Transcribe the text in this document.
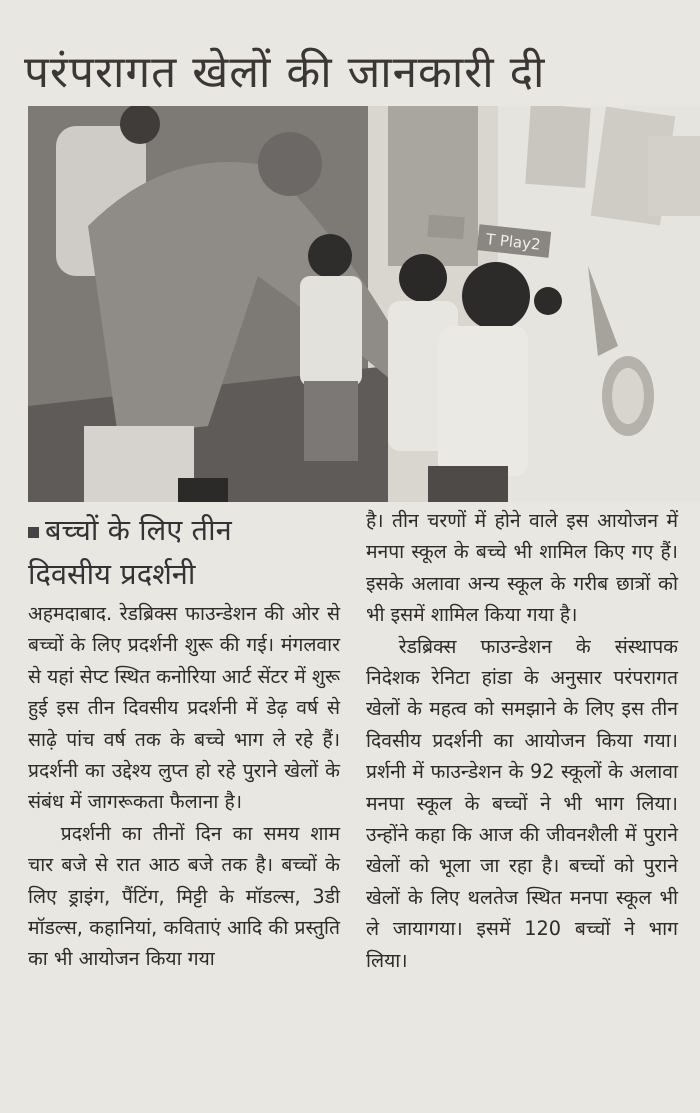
परंपरागत खेलों की जानकारी दी
T Play2
बच्चों के लिए तीन
दिवसीय प्रदर्शनी

अहमदाबाद. रेडब्रिक्स फाउन्डेशन की ओर से बच्चों के लिए प्रदर्शनी शुरू की गई। मंगलवार से यहां सेप्ट स्थित कनोरिया आर्ट सेंटर में शुरू हुई इस तीन दिवसीय प्रदर्शनी में डेढ़ वर्ष से साढ़े पांच वर्ष तक के बच्चे भाग ले रहे हैं। प्रदर्शनी का उद्देश्य लुप्त हो रहे पुराने खेलों के संबंध में जागरूकता फैलाना है।

प्रदर्शनी का तीनों दिन का समय शाम चार बजे से रात आठ बजे तक है। बच्चों के लिए ड्राइंग, पैंटिंग, मिट्टी के मॉडल्स, 3डी मॉडल्स, कहानियां, कविताएं आदि की प्रस्तुति का भी आयोजन किया गया

है। तीन चरणों में होने वाले इस आयोजन में मनपा स्कूल के बच्चे भी शामिल किए गए हैं। इसके अलावा अन्य स्कूल के गरीब छात्रों को भी इसमें शामिल किया गया है।

रेडब्रिक्स फाउन्डेशन के संस्थापक निदेशक रेनिटा हांडा के अनुसार परंपरागत खेलों के महत्व को समझाने के लिए इस तीन दिवसीय प्रदर्शनी का आयोजन किया गया। प्रर्शनी में फाउन्डेशन के 92 स्कूलों के अलावा मनपा स्कूल के बच्चों ने भी भाग लिया। उन्होंने कहा कि आज की जीवनशैली में पुराने खेलों को भूला जा रहा है। बच्चों को पुराने खेलों के लिए थलतेज स्थित मनपा स्कूल भी ले जायागया। इसमें 120 बच्चों ने भाग लिया।
